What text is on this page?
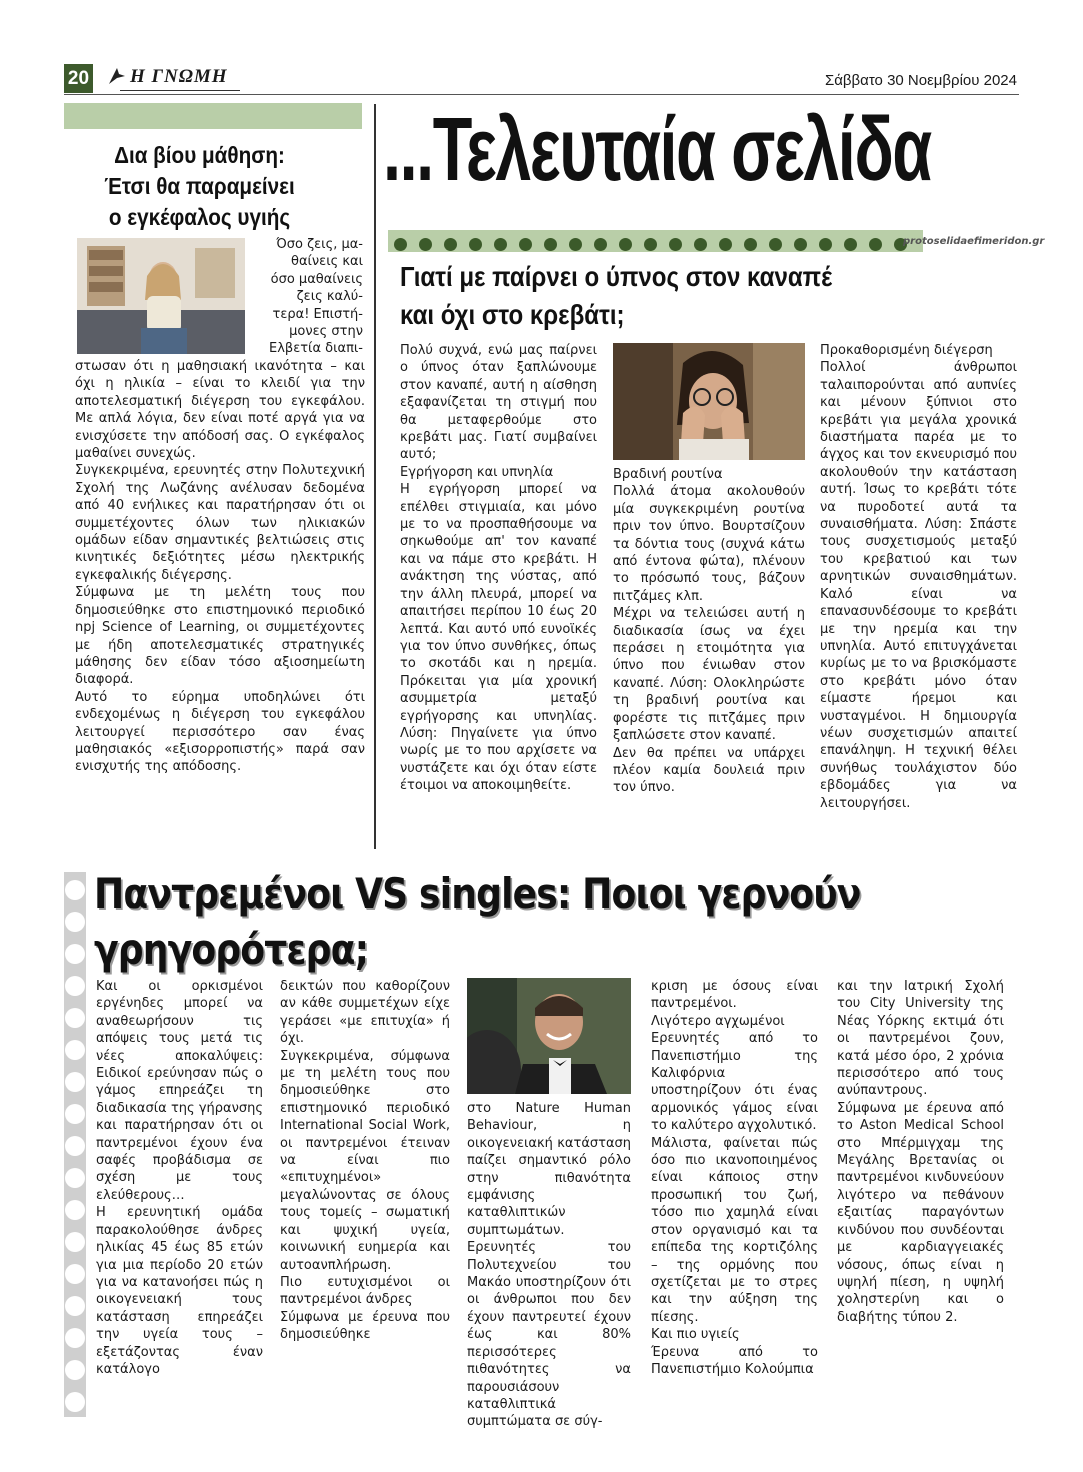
20 Η ΓΝΩΜΗ	Σάββατο 30 Νοεμβρίου 2024
Δια βίου μάθηση:
Έτσι θα παραμείνει
ο εγκέφαλος υγιής

Όσο ζεις, μα-
θαίνεις και
όσο μαθαίνεις
ζεις καλύ-
τερα! Επιστή-
μονες στην
Ελβετία διαπι-

στωσαν ότι η μαθησιακή ικανότητα – και όχι η ηλικία – είναι το κλειδί για την αποτελεσματική διέγερση του εγκεφάλου. Με απλά λόγια, δεν είναι ποτέ αργά για να ενισχύσετε την απόδοσή σας. Ο εγκέφαλος μαθαίνει συνεχώς.
Συγκεκριμένα, ερευνητές στην Πολυτεχνική Σχολή της Λωζάνης ανέλυσαν δεδομένα από 40 ενήλικες και παρατήρησαν ότι οι συμμετέχοντες όλων των ηλικιακών ομάδων είδαν σημαντικές βελτιώσεις στις κινητικές δεξιότητες μέσω ηλεκτρικής εγκεφαλικής διέγερσης.
Σύμφωνα με τη μελέτη τους που δημοσιεύθηκε στο επιστημονικό περιοδικό npj Science of Learning, οι συμμετέχοντες με ήδη αποτελεσματικές στρατηγικές μάθησης δεν είδαν τόσο αξιοσημείωτη διαφορά.
Αυτό το εύρημα υποδηλώνει ότι ενδεχομένως η διέγερση του εγκεφάλου λειτουργεί περισσότερο σαν ένας μαθησιακός «εξισορροπιστής» παρά σαν ενισχυτής της απόδοσης.

...Τελευταία σελίδα
protoselidaefimeridon.gr
Γιατί με παίρνει ο ύπνος στον καναπέ
και όχι στο κρεβάτι;

Πολύ συχνά, ενώ μας παίρνει ο ύπνος όταν ξαπλώνουμε στον καναπέ, αυτή η αίσθηση εξαφανίζεται τη στιγμή που θα μεταφερθούμε στο κρεβάτι μας. Γιατί συμβαίνει αυτό;
Εγρήγορση και υπνηλία
Η εγρήγορση μπορεί να επέλθει στιγμιαία, και μόνο με το να προσπαθήσουμε να σηκωθούμε απ' τον καναπέ και να πάμε στο κρεβάτι. Η ανάκτηση της νύστας, από την άλλη πλευρά, μπορεί να απαιτήσει περίπου 10 έως 20 λεπτά. Και αυτό υπό ευνοϊκές για τον ύπνο συνθήκες, όπως το σκοτάδι και η ηρεμία. Πρόκειται για μία χρονική ασυμμετρία μεταξύ εγρήγορσης και υπνηλίας. Λύση: Πηγαίνετε για ύπνο νωρίς με το που αρχίσετε να νυστάζετε και όχι όταν είστε έτοιμοι να αποκοιμηθείτε.

Βραδινή ρουτίνα
Πολλά άτομα ακολουθούν μία συγκεκριμένη ρουτίνα πριν τον ύπνο. Βουρτσίζουν τα δόντια τους (συχνά κάτω από έντονα φώτα), πλένουν το πρόσωπό τους, βάζουν πιτζάμες κλπ.
Μέχρι να τελειώσει αυτή η διαδικασία ίσως να έχει περάσει η ετοιμότητα για ύπνο που ένιωθαν στον καναπέ. Λύση: Ολοκληρώστε τη βραδινή ρουτίνα και φορέστε τις πιτζάμες πριν ξαπλώσετε στον καναπέ.
Δεν θα πρέπει να υπάρχει πλέον καμία δουλειά πριν τον ύπνο.

Προκαθορισμένη διέγερση
Πολλοί άνθρωποι ταλαιπορούνται από αυπνίες και μένουν ξύπνιοι στο κρεβάτι για μεγάλα χρονικά διαστήματα παρέα με το άγχος και τον εκνευρισμό που ακολουθούν την κατάσταση αυτή. Ίσως το κρεβάτι τότε να πυροδοτεί αυτά τα συναισθήματα. Λύση: Σπάστε τους συσχετισμούς μεταξύ του κρεβατιού και των αρνητικών συναισθημάτων. Καλό είναι να επανασυνδέσουμε το κρεβάτι με την ηρεμία και την υπνηλία. Αυτό επιτυγχάνεται κυρίως με το να βρισκόμαστε στο κρεβάτι μόνο όταν είμαστε ήρεμοι και νυσταγμένοι. Η δημιουργία νέων συσχετισμών απαιτεί επανάληψη. Η τεχνική θέλει συνήθως τουλάχιστον δύο εβδομάδες για να λειτουργήσει.

Παντρεμένοι VS singles: Ποιοι γερνούν
γρηγορότερα;

Και οι ορκισμένοι εργένηδες μπορεί να αναθεωρήσουν τις απόψεις τους μετά τις νέες αποκαλύψεις: Ειδικοί ερεύνησαν πώς ο γάμος επηρεάζει τη διαδικασία της γήρανσης και παρατήρησαν ότι οι παντρεμένοι έχουν ένα σαφές προβάδισμα σε σχέση με τους ελεύθερους…
Η ερευνητική ομάδα παρακολούθησε άνδρες ηλικίας 45 έως 85 ετών για μια περίοδο 20 ετών για να κατανοήσει πώς η οικογενειακή τους κατάσταση επηρεάζει την υγεία τους – εξετάζοντας έναν κατάλογο

δεικτών που καθορίζουν αν κάθε συμμετέχων είχε γεράσει «με επιτυχία» ή όχι.
Συγκεκριμένα, σύμφωνα με τη μελέτη τους που δημοσιεύθηκε στο επιστημονικό περιοδικό International Social Work, οι παντρεμένοι έτειναν να είναι πιο «επιτυχημένοι» μεγαλώνοντας σε όλους τους τομείς – σωματική και ψυχική υγεία, κοινωνική ευημερία και αυτοανπλήρωση.

Πιο ευτυχισμένοι οι παντρεμένοι άνδρες
Σύμφωνα με έρευνα που δημοσιεύθηκε

στο Nature Human Behaviour, η οικογενειακή κατάσταση παίζει σημαντικό ρόλο στην πιθανότητα εμφάνισης καταθλιπτικών συμπτωμάτων.
Ερευνητές του Πολυτεχνείου του Μακάο υποστηρίζουν ότι οι άνθρωποι που δεν έχουν παντρευτεί έχουν έως και 80% περισσότερες πιθανότητες να παρουσιάσουν καταθλιπτικά συμπτώματα σε σύγ-

κριση με όσους είναι παντρεμένοι.
Λιγότερο αγχωμένοι
Ερευνητές από το Πανεπιστήμιο της Καλιφόρνια υποστηρίζουν ότι ένας αρμονικός γάμος είναι το καλύτερο αγχολυτικό.
Μάλιστα, φαίνεται πώς όσο πιο ικανοποιημένος είναι κάποιος στην προσωπική του ζωή, τόσο πιο χαμηλά είναι στον οργανισμό και τα επίπεδα της κορτιζόλης – της ορμόνης που σχετίζεται με το στρες και την αύξηση της πίεσης.
Και πιο υγιείς
Έρευνα από το Πανεπιστήμιο Κολούμπια

και την Ιατρική Σχολή του City University της Νέας Υόρκης εκτιμά ότι οι παντρεμένοι ζουν, κατά μέσο όρο, 2 χρόνια περισσότερο από τους ανύπαντρους.
Σύμφωνα με έρευνα από το Aston Medical School στο Μπέρμιγχαμ της Μεγάλης Βρετανίας οι παντρεμένοι κινδυνεύουν λιγότερο να πεθάνουν εξαιτίας παραγόντων κινδύνου που συνδέονται με καρδιαγγειακές νόσους, όπως είναι η υψηλή πίεση, η υψηλή χοληστερίνη και ο διαβήτης τύπου 2.
